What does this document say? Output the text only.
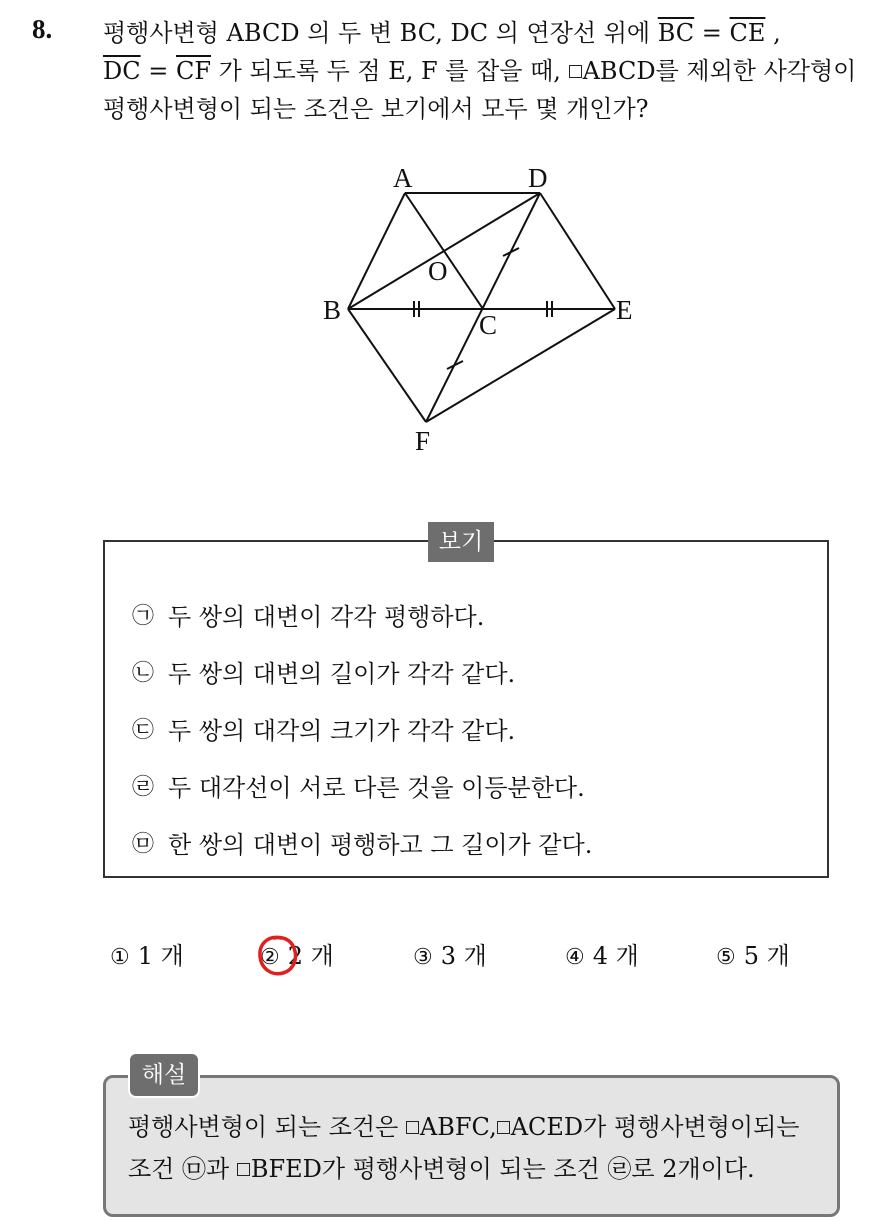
8. 평행사변형 ABCD 의 두 변 BC, DC 의 연장선 위에 $\overline{BC} = \overline{CE}$ ,
$\overline{DC} = \overline{CF}$ 가 되도록 두 점 E, F 를 잡을 때, ABCD를 제외한 사각형이 평행사변형이 되는 조건은 보기에서 모두 몇 개인가?
A	D
O
B	C	E
F
보기
㉠ 두 쌍의 대변이 각각 평행하다.
㉡ 두 쌍의 대변의 길이가 각각 같다.
㉢ 두 쌍의 대각의 크기가 각각 같다.
㉣ 두 대각선이 서로 다른 것을 이등분한다.
㉤ 한 쌍의 대변이 평행하고 그 길이가 같다.
① 1 개	② 2 개	③ 3 개	④ 4 개	⑤ 5 개
해설
평행사변형이 되는 조건은 ABFC, ACED가 평행사변형이되는 조건 ㉤과 BFED가 평행사변형이 되는 조건 ㉣로 2개이다.
